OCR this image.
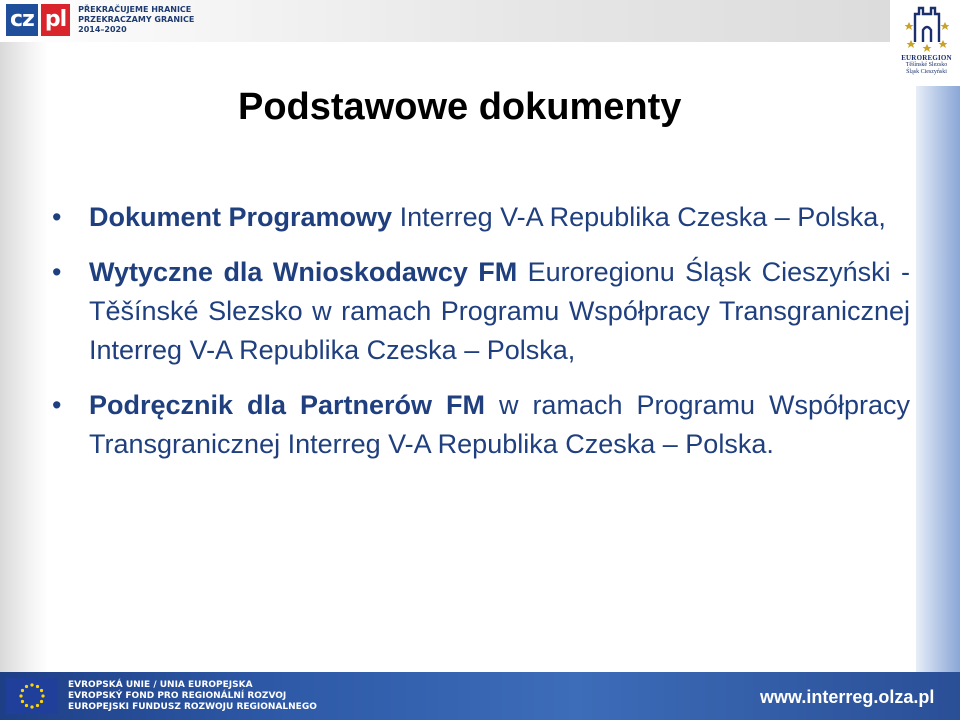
cz pl	PŘEKRAČUJEME HRANICE
PRZEKRACZAMY GRANICE
2014–2020
EUROREGION
Těšínské Slezsko
Śląsk Cieszyński
Podstawowe dokumenty
• Dokument Programowy Interreg V-A Republika Czeska – Polska,
• Wytyczne dla Wnioskodawcy FM Euroregionu Śląsk Cieszyński - Těšínské Slezsko w ramach Programu Współpracy Transgranicznej Interreg V-A Republika Czeska – Polska,
• Podręcznik dla Partnerów FM w ramach Programu Współpracy Transgranicznej Interreg V-A Republika Czeska – Polska.
EVROPSKÁ UNIE / UNIA EUROPEJSKA
EVROPSKÝ FOND PRO REGIONÁLNÍ ROZVOJ
EUROPEJSKI FUNDUSZ ROZWOJU REGIONALNEGO	www.interreg.olza.pl
